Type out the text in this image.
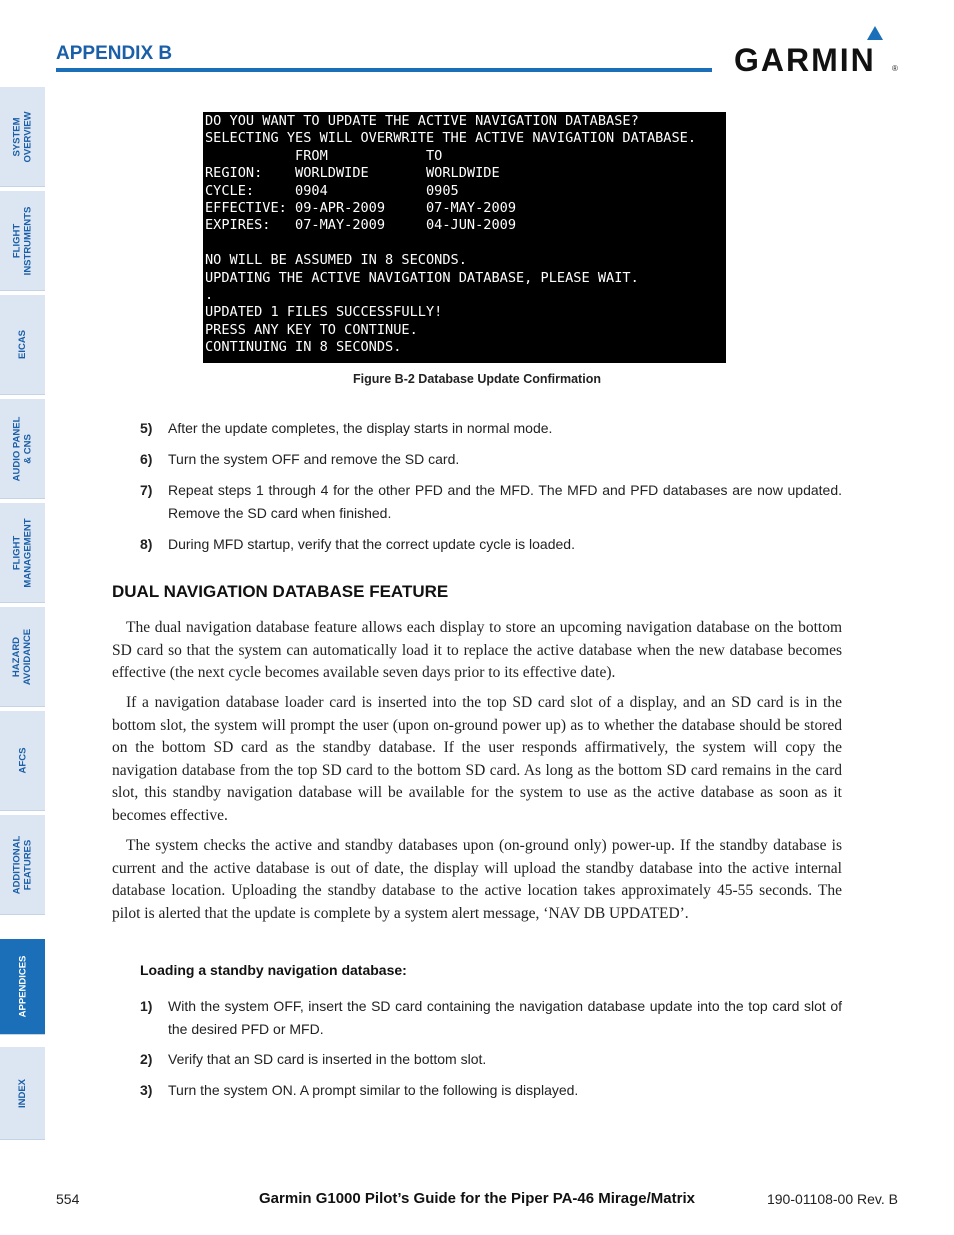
APPENDIX B	GARMIN ®
SYSTEM
OVERVIEW
FLIGHT
INSTRUMENTS
EICAS
AUDIO PANEL
& CNS
FLIGHT
MANAGEMENT
HAZARD
AVOIDANCE
AFCS
ADDITIONAL
FEATURES
APPENDICES
INDEX
DO YOU WANT TO UPDATE THE ACTIVE NAVIGATION DATABASE?
SELECTING YES WILL OVERWRITE THE ACTIVE NAVIGATION DATABASE.
FROM            TO
REGION:    WORLDWIDE       WORLDWIDE
CYCLE:     0904            0905
EFFECTIVE: 09-APR-2009     07-MAY-2009
EXPIRES:   07-MAY-2009     04-JUN-2009
NO WILL BE ASSUMED IN 8 SECONDS.
UPDATING THE ACTIVE NAVIGATION DATABASE, PLEASE WAIT.
.
UPDATED 1 FILES SUCCESSFULLY!
PRESS ANY KEY TO CONTINUE.
CONTINUING IN 8 SECONDS.
Figure B-2 Database Update Confirmation
5)	After the update completes, the display starts in normal mode.
6)	Turn the system OFF and remove the SD card.
7)	Repeat steps 1 through 4 for the other PFD and the MFD. The MFD and PFD databases are now updated. Remove the SD card when finished.
8)	During MFD startup, verify that the correct update cycle is loaded.
DUAL NAVIGATION DATABASE FEATURE
The dual navigation database feature allows each display to store an upcoming navigation database on the bottom SD card so that the system can automatically load it to replace the active database when the new database becomes effective (the next cycle becomes available seven days prior to its effective date).
If a navigation database loader card is inserted into the top SD card slot of a display, and an SD card is in the bottom slot, the system will prompt the user (upon on-ground power up) as to whether the database should be stored on the bottom SD card as the standby database. If the user responds affirmatively, the system will copy the navigation database from the top SD card to the bottom SD card. As long as the bottom SD card remains in the card slot, this standby navigation database will be available for the system to use as the active database as soon as it becomes effective.
The system checks the active and standby databases upon (on-ground only) power-up. If the standby database is current and the active database is out of date, the display will upload the standby database into the active internal database location. Uploading the standby database to the active location takes approximately 45-55 seconds. The pilot is alerted that the update is complete by a system alert message, ‘NAV DB UPDATED’.
Loading a standby navigation database:
1)	With the system OFF, insert the SD card containing the navigation database update into the top card slot of the desired PFD or MFD.
2)	Verify that an SD card is inserted in the bottom slot.
3)	Turn the system ON. A prompt similar to the following is displayed.
554	Garmin G1000 Pilot’s Guide for the Piper PA-46 Mirage/Matrix	190-01108-00 Rev. B
